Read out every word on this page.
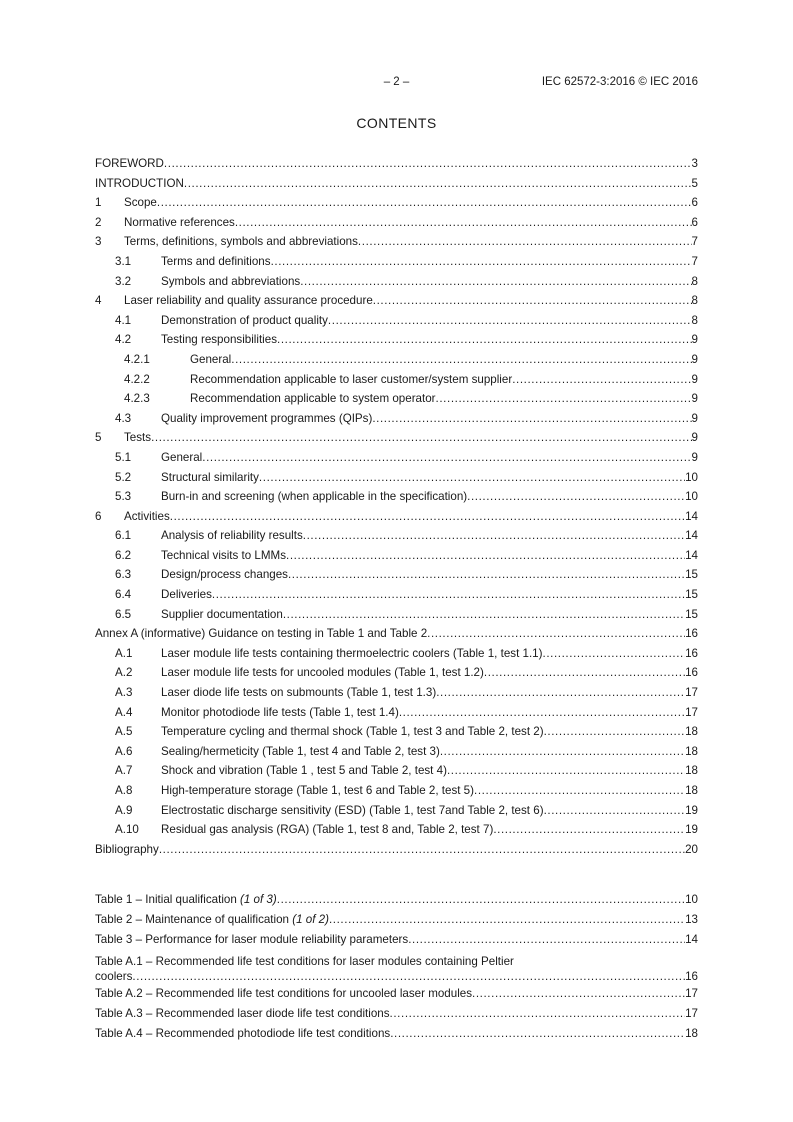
– 2 –	IEC 62572-3:2016 © IEC 2016
CONTENTS
FOREWORD .....	3
INTRODUCTION .....	5
1	Scope .....	6
2	Normative references .....	6
3	Terms, definitions, symbols and abbreviations .....	7
3.1	Terms and definitions .....	7
3.2	Symbols and abbreviations .....	8
4	Laser reliability and quality assurance procedure .....	8
4.1	Demonstration of product quality .....	8
4.2	Testing responsibilities .....	9
4.2.1	General .....	9
4.2.2	Recommendation applicable to laser customer/system supplier .....	9
4.2.3	Recommendation applicable to system operator .....	9
4.3	Quality improvement programmes (QIPs) .....	9
5	Tests .....	9
5.1	General .....	9
5.2	Structural similarity .....	10
5.3	Burn-in and screening (when applicable in the specification) .....	10
6	Activities .....	14
6.1	Analysis of reliability results .....	14
6.2	Technical visits to LMMs .....	14
6.3	Design/process changes .....	15
6.4	Deliveries .....	15
6.5	Supplier documentation .....	15
Annex A (informative) Guidance on testing in Table 1 and Table 2 .....	16
A.1	Laser module life tests containing thermoelectric coolers (Table 1, test 1.1) .....	16
A.2	Laser module life tests for uncooled modules (Table 1, test 1.2) .....	16
A.3	Laser diode life tests on submounts (Table 1, test 1.3) .....	17
A.4	Monitor photodiode life tests (Table 1, test 1.4) .....	17
A.5	Temperature cycling and thermal shock (Table 1, test 3 and Table 2, test 2) .....	18
A.6	Sealing/hermeticity (Table 1, test 4 and Table 2, test 3) .....	18
A.7	Shock and vibration (Table 1 , test 5 and Table 2, test 4) .....	18
A.8	High-temperature storage (Table 1, test 6 and Table 2, test 5) .....	18
A.9	Electrostatic discharge sensitivity (ESD) (Table 1, test 7and Table 2, test 6) .....	19
A.10	Residual gas analysis (RGA) (Table 1, test 8 and, Table 2, test 7) .....	19
Bibliography .....	20
Table 1 – Initial qualification (1 of 3) .....	10
Table 2 – Maintenance of qualification (1 of 2) .....	13
Table 3 – Performance for laser module reliability parameters .....	14
Table A.1 – Recommended life test conditions for laser modules containing Peltier
coolers .....	16
Table A.2 – Recommended life test conditions for uncooled laser modules .....	17
Table A.3 – Recommended laser diode life test conditions .....	17
Table A.4 – Recommended photodiode life test conditions .....	18
